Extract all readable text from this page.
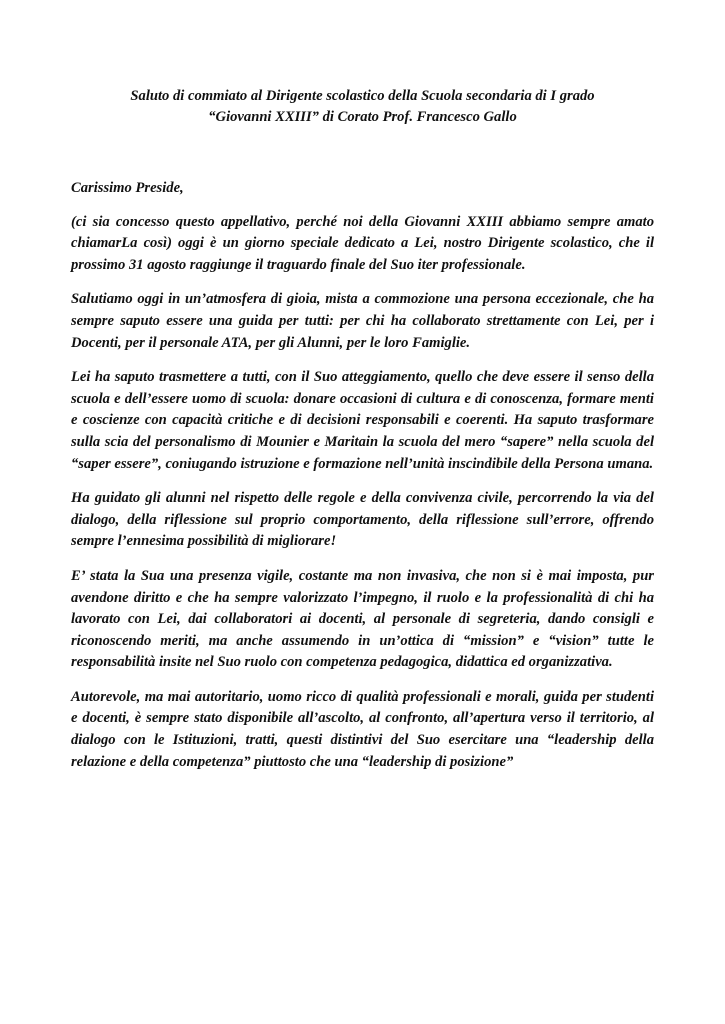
Saluto di commiato al Dirigente scolastico della Scuola secondaria di I grado
“Giovanni XXIII” di Corato Prof. Francesco Gallo

Carissimo Preside,

(ci sia concesso questo appellativo, perché noi della Giovanni XXIII abbiamo sempre amato chiamarLa così) oggi è un giorno speciale dedicato a Lei, nostro Dirigente scolastico, che il prossimo 31 agosto raggiunge il traguardo finale del Suo iter professionale.

Salutiamo oggi in un’atmosfera di gioia, mista a commozione una persona eccezionale, che ha sempre saputo essere una guida per tutti: per chi ha collaborato strettamente con Lei, per i Docenti, per il personale ATA, per gli Alunni, per le loro Famiglie.

Lei ha saputo trasmettere a tutti, con il Suo atteggiamento, quello che deve essere il senso della scuola e dell’essere uomo di scuola: donare occasioni di cultura e di conoscenza, formare menti e coscienze con capacità critiche e di decisioni responsabili e coerenti. Ha saputo trasformare sulla scia del personalismo di Mounier e Maritain la scuola del mero “sapere” nella scuola del “saper essere”, coniugando istruzione e formazione nell’unità inscindibile della Persona umana.

Ha guidato gli alunni nel rispetto delle regole e della convivenza civile, percorrendo la via del dialogo, della riflessione sul proprio comportamento, della riflessione sull’errore, offrendo sempre l’ennesima possibilità di migliorare!

E’ stata la Sua una presenza vigile, costante ma non invasiva, che non si è mai imposta, pur avendone diritto e che ha sempre valorizzato l’impegno, il ruolo e la professionalità di chi ha lavorato con Lei, dai collaboratori ai docenti, al personale di segreteria, dando consigli e riconoscendo meriti, ma anche assumendo in un’ottica di “mission” e “vision” tutte le responsabilità insite nel Suo ruolo con competenza pedagogica, didattica ed organizzativa.

Autorevole, ma mai autoritario, uomo ricco di qualità professionali e morali, guida per studenti e docenti, è sempre stato disponibile all’ascolto, al confronto, all’apertura verso il territorio, al dialogo con le Istituzioni, tratti, questi distintivi del Suo esercitare una “leadership della relazione e della competenza” piuttosto che una “leadership di posizione”
